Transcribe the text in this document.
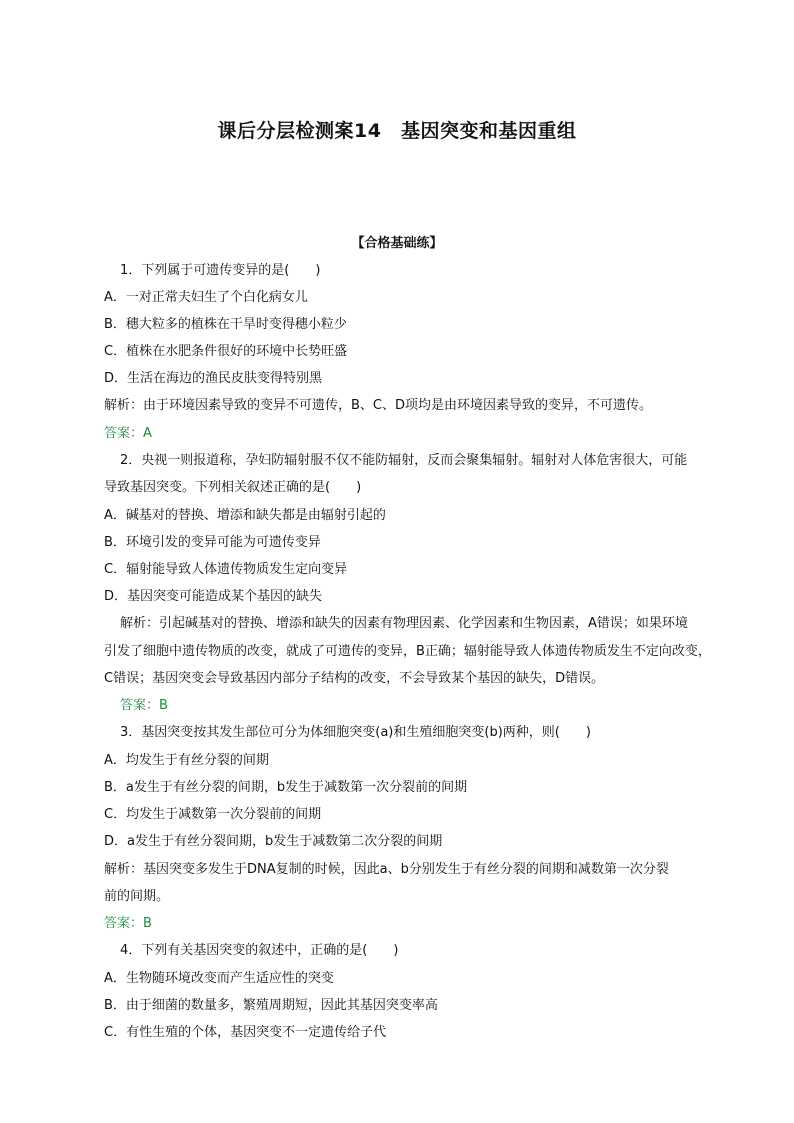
课后分层检测案14　基因突变和基因重组
【合格基础练】
1．下列属于可遗传变异的是(　　)
A．一对正常夫妇生了个白化病女儿
B．穗大粒多的植株在干旱时变得穗小粒少
C．植株在水肥条件很好的环境中长势旺盛
D．生活在海边的渔民皮肤变得特别黑
解析：由于环境因素导致的变异不可遗传，B、C、D项均是由环境因素导致的变异，不可遗传。
答案：A
2．央视一则报道称，孕妇防辐射服不仅不能防辐射，反而会聚集辐射。辐射对人体危害很大，可能
导致基因突变。下列相关叙述正确的是(　　)
A．碱基对的替换、增添和缺失都是由辐射引起的
B．环境引发的变异可能为可遗传变异
C．辐射能导致人体遗传物质发生定向变异
D．基因突变可能造成某个基因的缺失
解析：引起碱基对的替换、增添和缺失的因素有物理因素、化学因素和生物因素，A错误；如果环境
引发了细胞中遗传物质的改变，就成了可遗传的变异，B正确；辐射能导致人体遗传物质发生不定向改变，
C错误；基因突变会导致基因内部分子结构的改变，不会导致某个基因的缺失，D错误。
答案：B
3．基因突变按其发生部位可分为体细胞突变(a)和生殖细胞突变(b)两种，则(　　)
A．均发生于有丝分裂的间期
B．a发生于有丝分裂的间期，b发生于减数第一次分裂前的间期
C．均发生于减数第一次分裂前的间期
D．a发生于有丝分裂间期，b发生于减数第二次分裂的间期
解析：基因突变多发生于DNA复制的时候，因此a、b分别发生于有丝分裂的间期和减数第一次分裂
前的间期。
答案：B
4．下列有关基因突变的叙述中，正确的是(　　)
A．生物随环境改变而产生适应性的突变
B．由于细菌的数量多，繁殖周期短，因此其基因突变率高
C．有性生殖的个体，基因突变不一定遗传给子代
